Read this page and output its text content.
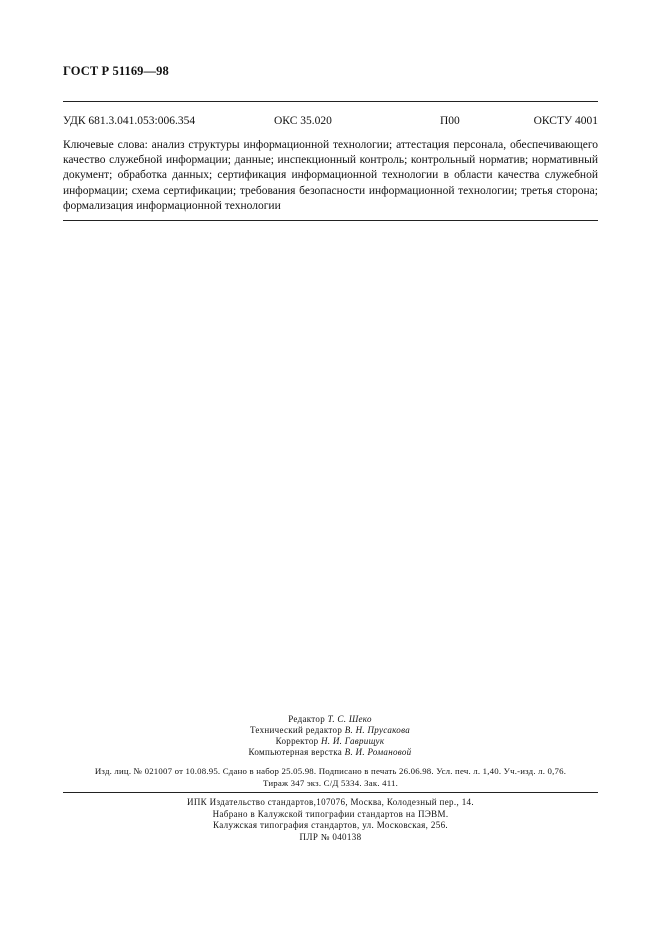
ГОСТ Р 51169—98
УДК 681.3.041.053:006.354	ОКС 35.020	П00	ОКСТУ 4001
Ключевые слова: анализ структуры информационной технологии; аттестация персонала, обеспечивающего качество служебной информации; данные; инспекционный контроль; контрольный норматив; нормативный документ; обработка данных; сертификация информационной технологии в области качества служебной информации; схема сертификации; требования безопасности информационной технологии; третья сторона; формализация информационной технологии
Редактор Т. С. Шеко
Технический редактор В. Н. Прусакова
Корректор Н. И. Гаврищук
Компьютерная верстка В. И. Романовой
Изд. лиц. № 021007 от 10.08.95. Сдано в набор 25.05.98. Подписано в печать 26.06.98. Усл. печ. л. 1,40. Уч.-изд. л. 0,76.
Тираж 347 экз. С/Д 5334. Зак. 411.
ИПК Издательство стандартов,107076, Москва, Колодезный пер., 14.
Набрано в Калужской типографии стандартов на ПЭВМ.
Калужская типография стандартов, ул. Московская, 256.
ПЛР № 040138
